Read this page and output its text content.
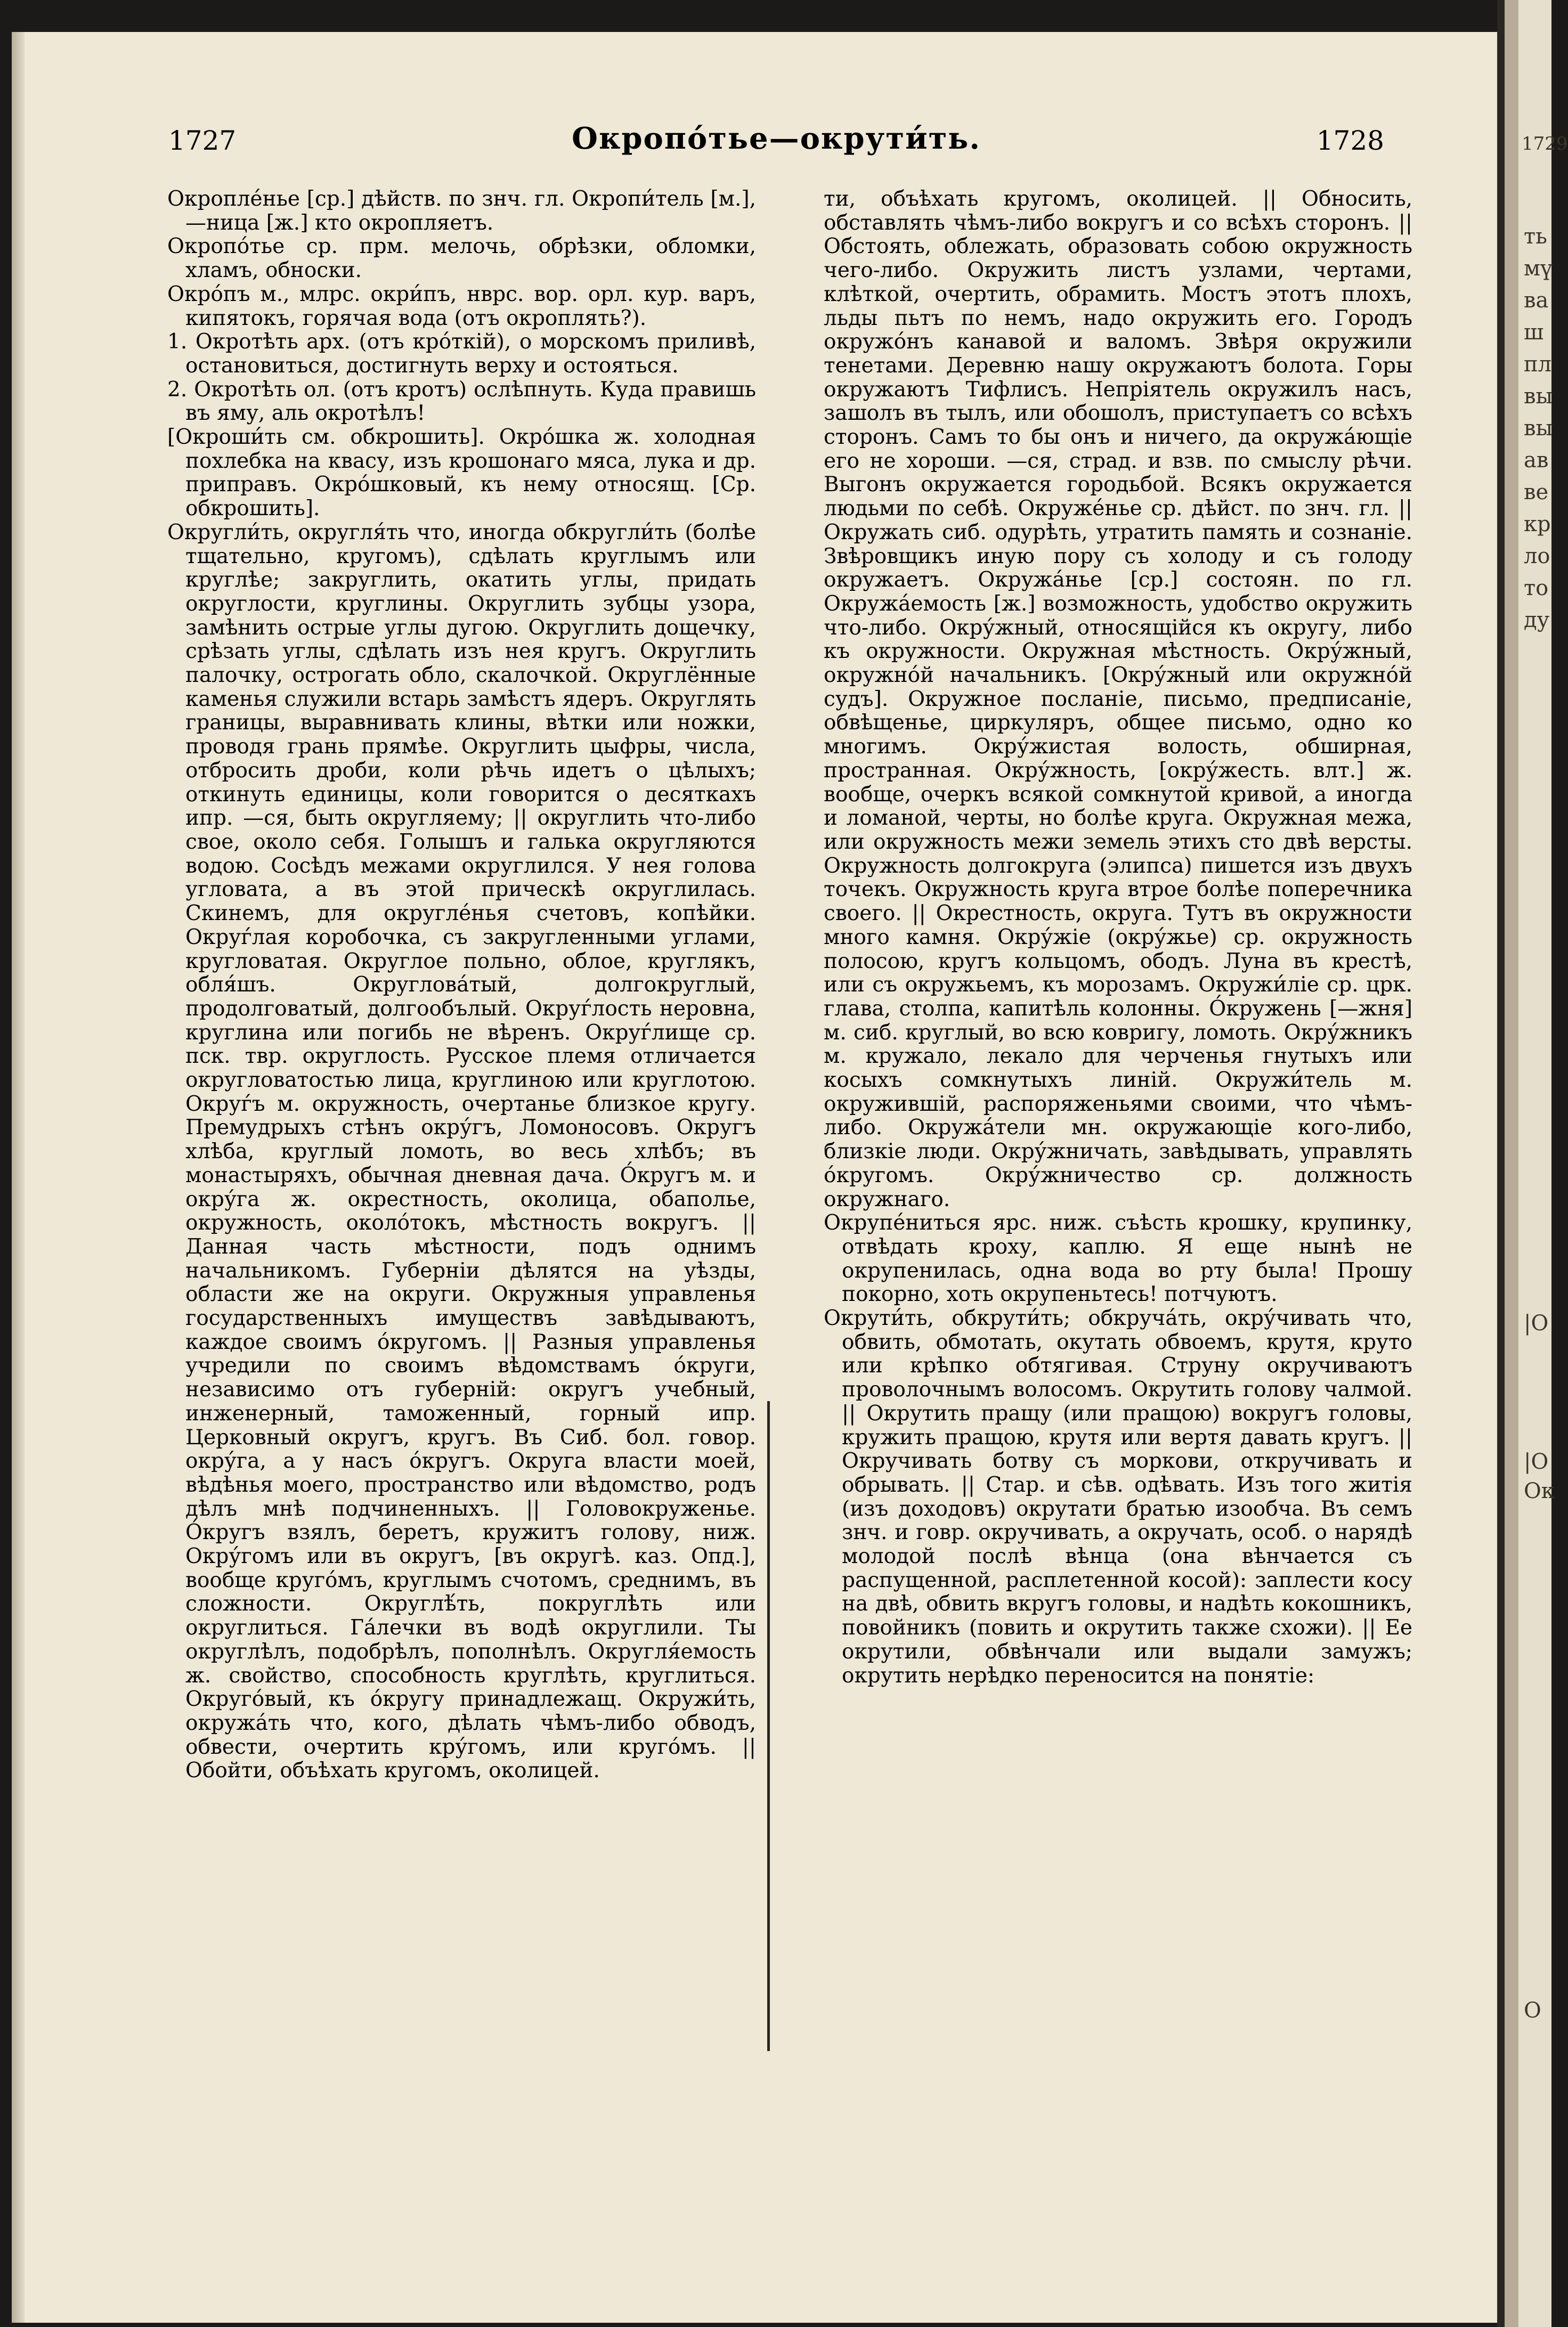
1729
ть
мү
ва
ш
пл
вы
вы
ав
ве
кр
ло
то
ду
|О
|О
Ок
О
1727	Окропо́тье—окрути́ть.	1728

Окропле́нье [ср.] дѣйств. по знч. гл. Окропи́тель [м.], —ница [ж.] кто окропляетъ.

Окропо́тье ср. прм. мелочь, обрѣзки, обломки, хламъ, обноски.

Окро́пъ м., млрс. окри́пъ, нврс. вор. орл. кур. варъ, кипятокъ, горячая вода (отъ окроплять?).

1. Окротѣть арх. (отъ кро́ткій), о морскомъ приливѣ, остановиться, достигнуть верху и остояться.

2. Окротѣть ол. (отъ кротъ) ослѣпнуть. Куда правишь въ яму, аль окротѣлъ!

[Окроши́ть см. обкрошить]. Окро́шка ж. холодная похлебка на квасу, изъ крошонаго мяса, лука и др. приправъ. Окро́шковый, къ нему относящ. [Ср. обкрошить].

Округли́ть, округля́ть что, иногда обкругли́ть (болѣе тщательно, кругомъ), сдѣлать круглымъ или круглѣе; закруглить, окатить углы, придать округлости, круглины. Округлить зубцы узора, замѣнить острые углы дугою. Округлить дощечку, срѣзать углы, сдѣлать изъ нея кругъ. Округлить палочку, острогать обло, скалочкой. Округлённые каменья служили встарь замѣстъ ядеръ. Округлять границы, выравнивать клины, вѣтки или ножки, проводя грань прямѣе. Округлить цыфры, числа, отбросить дроби, коли рѣчь идетъ о цѣлыхъ; откинуть единицы, коли говорится о десяткахъ ипр. —ся, быть округляему; || округлить что-либо свое, около себя. Голышъ и галька округляются водою. Сосѣдъ межами округлился. У нея голова угловата, а въ этой прическѣ округлилась. Скинемъ, для округле́нья счетовъ, копѣйки. Окруѓлая коробочка, съ закругленными углами, кругловатая. Округлое польно, облое, круглякъ, обля́шъ. Округлова́тый, долгокруглый, продолговатый, долгообълый. Окруѓлость неровна, круглина или погибь не вѣренъ. Окруѓлище ср. пск. твр. округлость. Русское племя отличается округловатостью лица, круглиною или круглотою. Окруѓъ м. окружность, очертанье близкое кругу. Премудрыхъ стѣнъ окру́гъ, Ломоносовъ. Округъ хлѣба, круглый ломоть, во весь хлѣбъ; въ монастыряхъ, обычная дневная дача. О́кругъ м. и окру́га ж. окрестность, околица, обаполье, окружность, около́токъ, мѣстность вокругъ. || Данная часть мѣстности, подъ однимъ начальникомъ. Губерніи дѣлятся на уѣзды, области же на округи. Окружныя управленья государственныхъ имуществъ завѣдываютъ, каждое своимъ о́кругомъ. || Разныя управленья учредили по своимъ вѣдомствамъ о́круги, независимо отъ губерній: округъ учебный, инженерный, таможенный, горный ипр. Церковный округъ, кругъ. Въ Сиб. бол. говор. окру́га, а у насъ о́кругъ. Округа власти моей, вѣдѣнья моего, пространство или вѣдомство, родъ дѣлъ мнѣ подчиненныхъ. || Головокруженье. О́кругъ взялъ, беретъ, кружитъ голову, ниж. Окру́гомъ или въ округъ, [въ округѣ. каз. Опд.], вообще круго́мъ, круглымъ счотомъ, среднимъ, въ сложности. Округлѣ́ть, покруглѣть или округлиться. Гáлечки въ водѣ округлили. Ты округлѣлъ, подобрѣлъ, пополнѣлъ. Округля́емость ж. свойство, способность круглѣть, круглиться. Округо́вый, къ о́кругу принадлежащ. Окружи́ть, окружа́ть что, кого, дѣлать чѣмъ-либо обводъ, обвести, очертить кру́гомъ, или круго́мъ. || Обойти, объѣхать кругомъ, околицей.

ти, объѣхать кругомъ, околицей. || Обносить, обставлять чѣмъ-либо вокругъ и со всѣхъ сторонъ. || Обстоять, облежать, образовать собою окружность чего-либо. Окружить листъ узлами, чертами, клѣткой, очертить, обрамить. Мостъ этотъ плохъ, льды пьтъ по немъ, надо окружить его. Городъ окружо́нъ канавой и валомъ. Звѣря окружили тенетами. Деревню нашу окружаютъ болота. Горы окружаютъ Тифлисъ. Непріятель окружилъ насъ, зашолъ въ тылъ, или обошолъ, приступаетъ со всѣхъ сторонъ. Самъ то бы онъ и ничего, да окружа́ющіе его не хороши. —ся, страд. и взв. по смыслу рѣчи. Выгонъ окружается городьбой. Всякъ окружается людьми по себѣ. Окруже́нье ср. дѣйст. по знч. гл. || Окружать сиб. одурѣть, утратить память и сознаніе. Звѣровщикъ иную пору съ холоду и съ голоду окружаетъ. Окружа́нье [ср.] состоян. по гл. Окружа́емость [ж.] возможность, удобство окружить что-либо. Окру́жный, относящійся къ округу, либо къ окружности. Окружная мѣстность. Окру́жный, окружно́й начальникъ. [Окру́жный или окружно́й судъ]. Окружное посланіе, письмо, предписаніе, обвѣщенье, циркуляръ, общее письмо, одно ко многимъ. Окру́жистая волость, обширная, пространная. Окру́жность, [окру́жесть. влт.] ж. вообще, очеркъ всякой сомкнутой кривой, а иногда и ломаной, черты, но болѣе круга. Окружная межа, или окружность межи земель этихъ сто двѣ версты. Окружность долгокруга (элипса) пишется изъ двухъ точекъ. Окружность круга втрое болѣе поперечника своего. || Окрестность, округа. Тутъ въ окружности много камня. Окру́жіе (окру́жье) ср. окружность полосою, кругъ кольцомъ, ободъ. Луна въ крестѣ, или съ окружьемъ, къ морозамъ. Окружи́ліе ср. црк. глава, столпа, капитѣль колонны. О́кружень [—жня] м. сиб. круглый, во всю ковригу, ломоть. Окру́жникъ м. кружало, лекало для черченья гнутыхъ или косыхъ сомкнутыхъ линій. Окружи́тель м. окружившій, распоряженьями своими, что чѣмъ-либо. Окружа́тели мн. окружающіе кого-либо, близкіе люди. Окру́жничать, завѣдывать, управлять о́кругомъ. Окру́жничество ср. должность окружнаго.

Окрупе́ниться ярс. ниж. съѣсть крошку, крупинку, отвѣдать кроху, каплю. Я еще нынѣ не окрупенилась, одна вода во рту была! Прошу покорно, хоть окрупеньтесь! потчуютъ.

Окрути́ть, обкрути́ть; обкруча́ть, окру́чивать что, обвить, обмотать, окутать обвоемъ, крутя, круто или крѣпко обтягивая. Струну окручиваютъ проволочнымъ волосомъ. Окрутить голову чалмой. || Окрутить пращу (или пращою) вокругъ головы, кружить пращою, крутя или вертя давать кругъ. || Окручивать ботву съ моркови, откручивать и обрывать. || Стар. и сѣв. одѣвать. Изъ того житія (изъ доходовъ) окрутати братью изообча. Въ семъ знч. и говр. окручивать, а окручать, особ. о нарядѣ молодой послѣ вѣнца (она вѣнчается съ распущенной, расплетенной косой): заплести косу на двѣ, обвить вкругъ головы, и надѣть кокошникъ, повойникъ (повить и окрутить также схожи). || Ее окрутили, обвѣнчали или выдали замужъ; окрутить нерѣдко переносится на понятіе:
